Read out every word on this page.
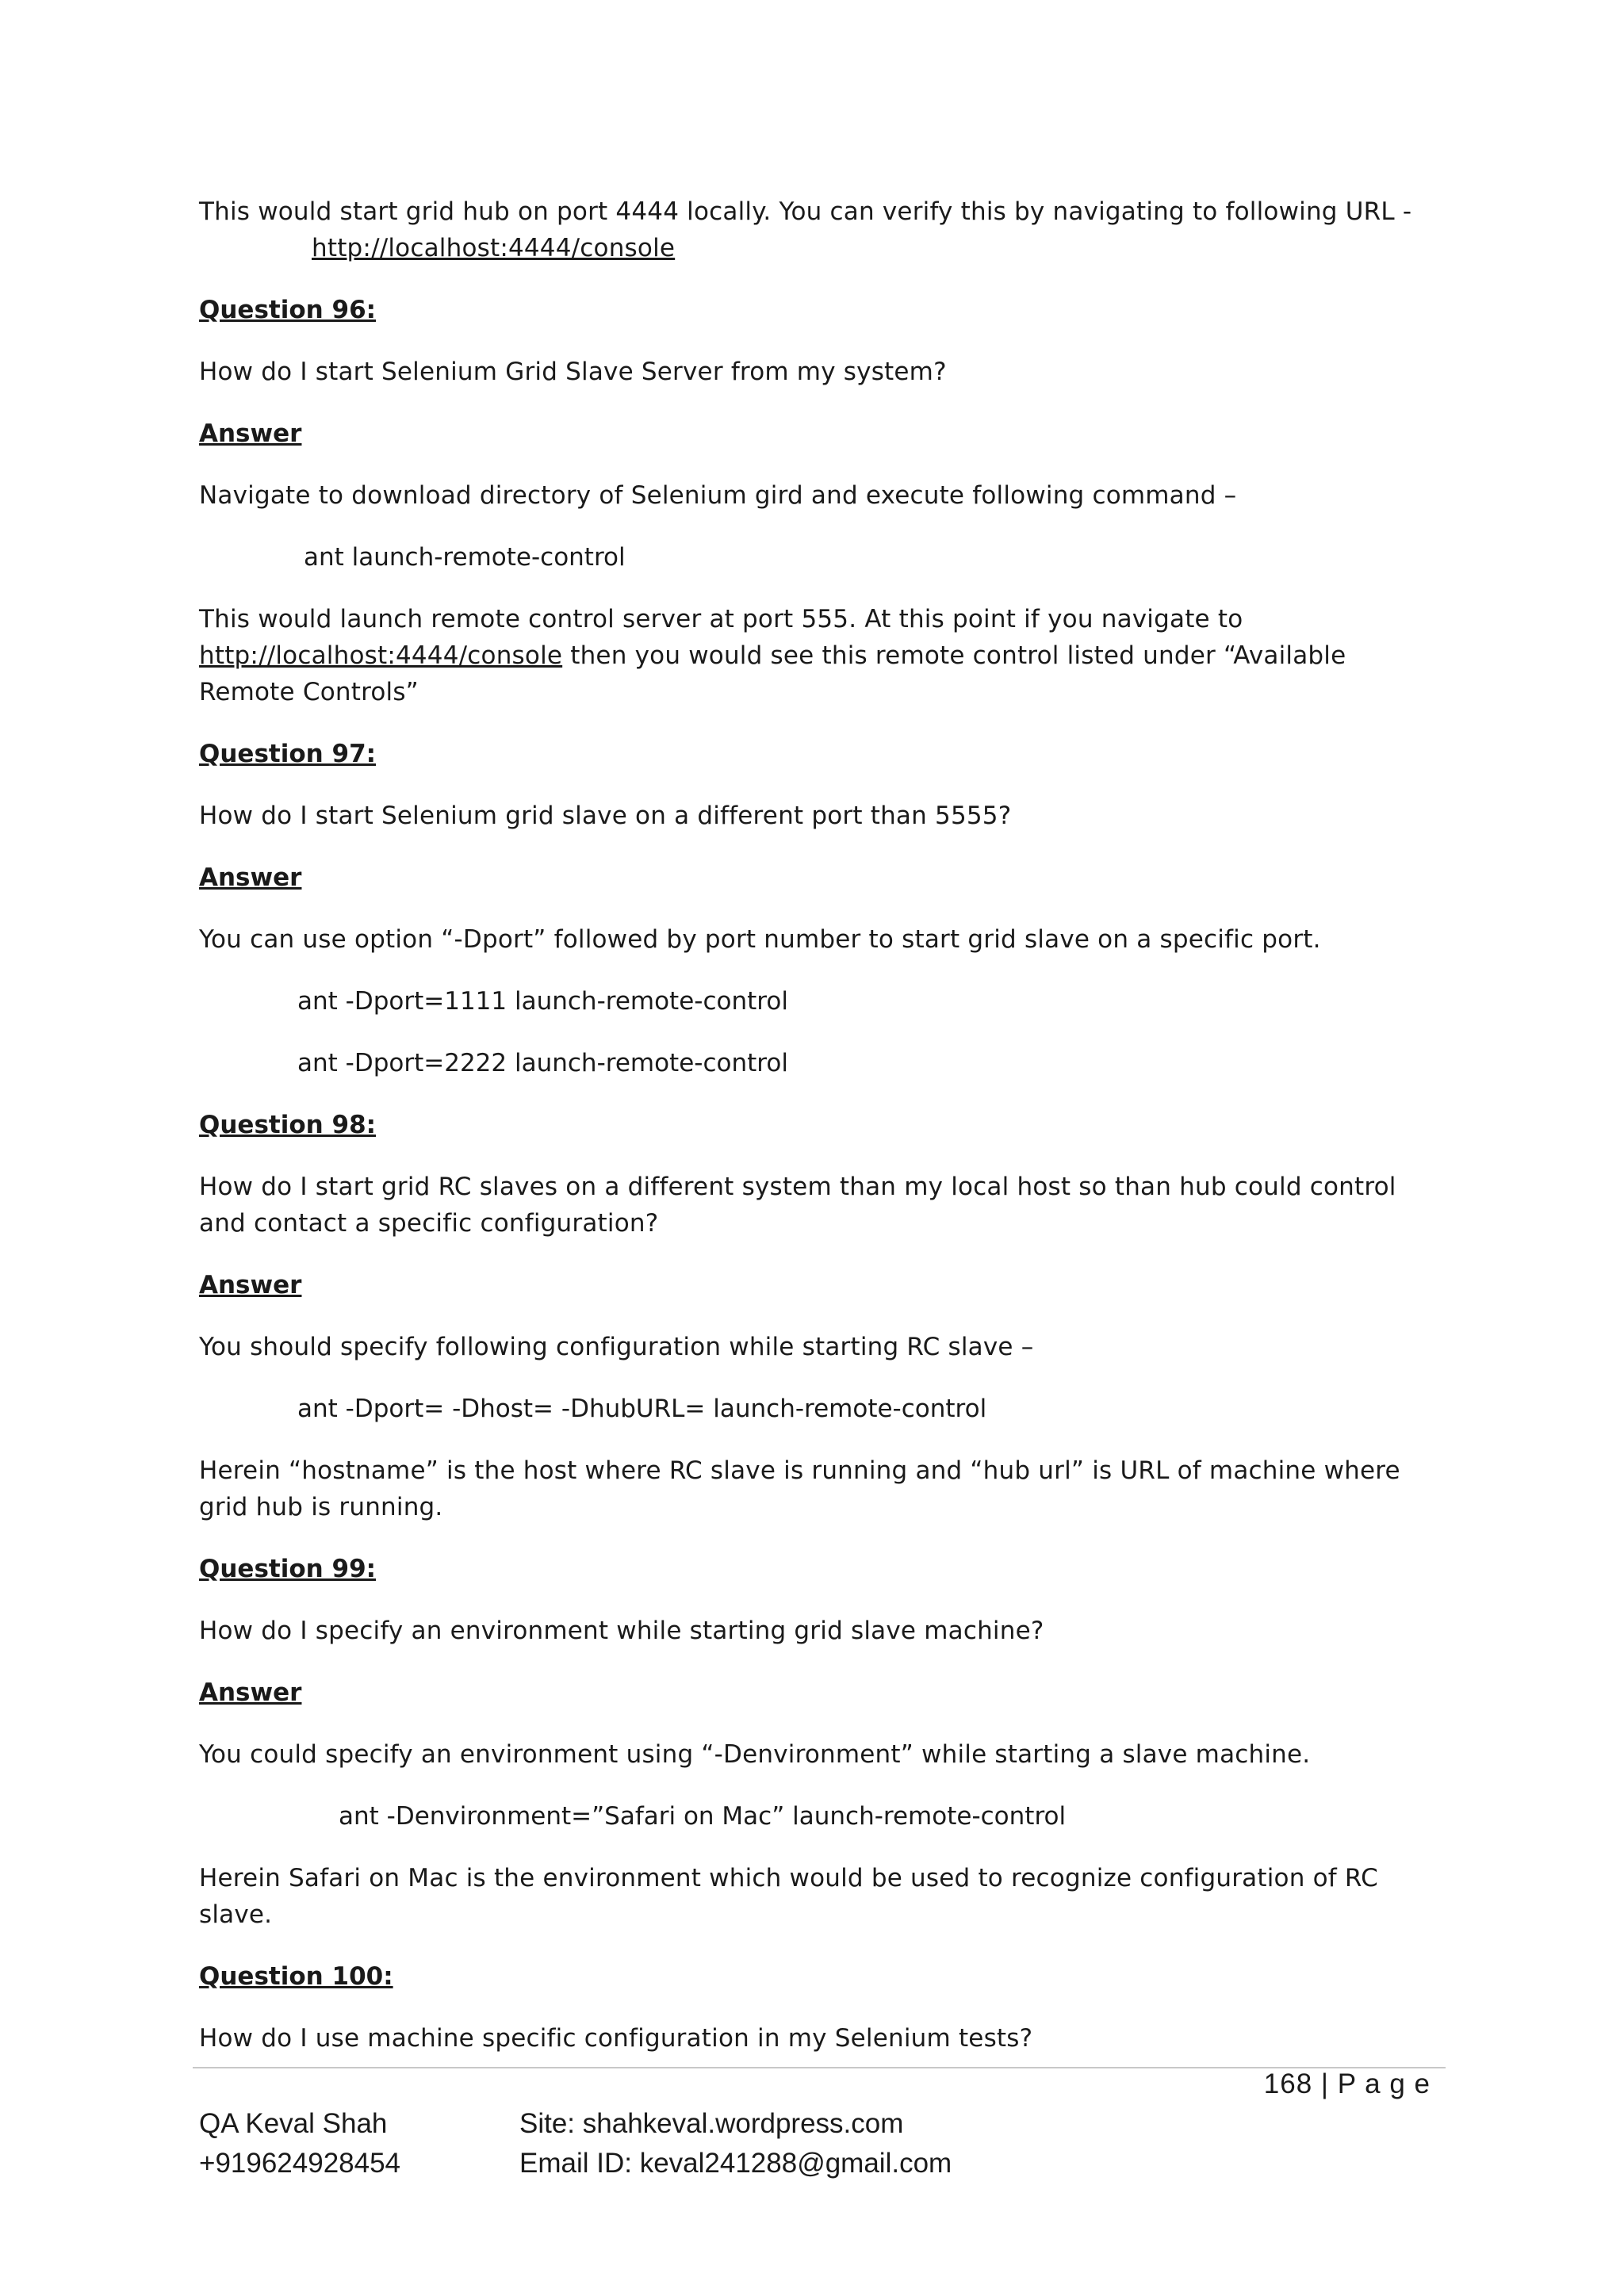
This would start grid hub on port 4444 locally. You can verify this by navigating to following URL -
http://localhost:4444/console
Question 96:
How do I start Selenium Grid Slave Server from my system?
Answer
Navigate to download directory of Selenium gird and execute following command –
ant launch-remote-control
This would launch remote control server at port 555. At this point if you navigate to http://localhost:4444/console then you would see this remote control listed under “Available Remote Controls”
Question 97:
How do I start Selenium grid slave on a different port than 5555?
Answer
You can use option “-Dport” followed by port number to start grid slave on a specific port.
ant -Dport=1111 launch-remote-control
ant -Dport=2222 launch-remote-control
Question 98:
How do I start grid RC slaves on a different system than my local host so than hub could control and contact a specific configuration?
Answer
You should specify following configuration while starting RC slave –
ant -Dport= -Dhost= -DhubURL= launch-remote-control
Herein “hostname” is the host where RC slave is running and “hub url” is URL of machine where grid hub is running.
Question 99:
How do I specify an environment while starting grid slave machine?
Answer
You could specify an environment using “-Denvironment” while starting a slave machine.
ant -Denvironment=”Safari on Mac” launch-remote-control
Herein Safari on Mac is the environment which would be used to recognize configuration of RC slave.
Question 100:
How do I use machine specific configuration in my Selenium tests?
168 | P a g e
QA Keval Shah	Site: shahkeval.wordpress.com
+919624928454	Email ID: keval241288@gmail.com
